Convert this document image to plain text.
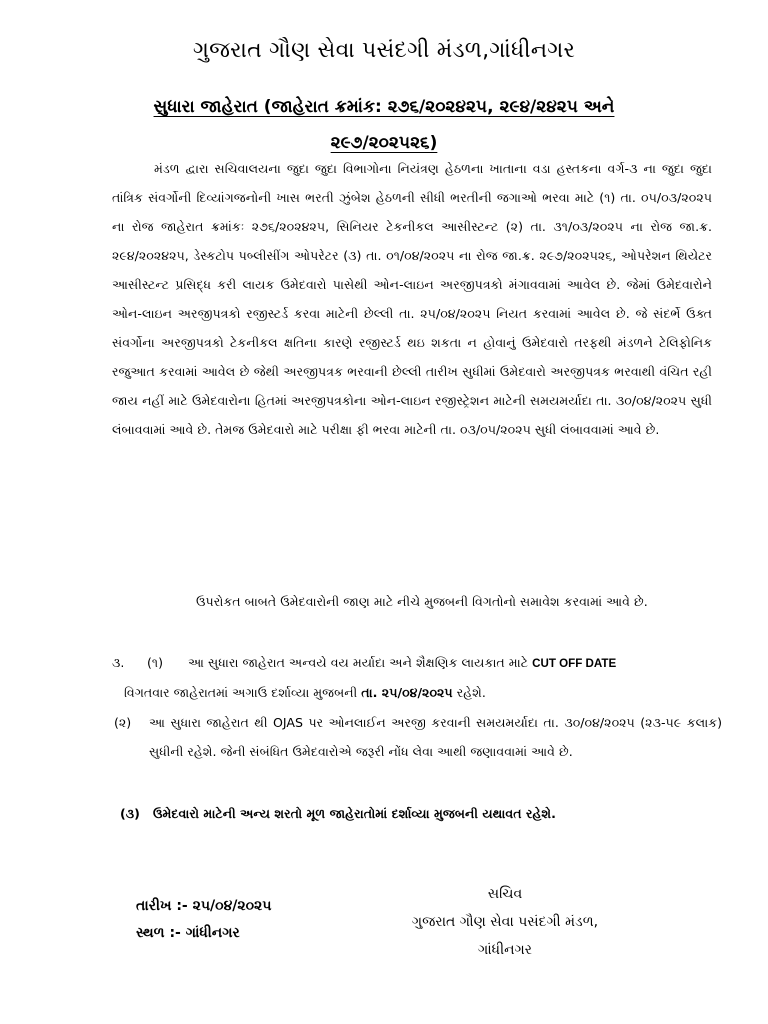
ગુજરાત ગૌણ સેવા પસંદગી મંડળ,ગાંધીનગર
સુધારા જાહેરાત (જાહેરાત ક્રમાંક: ૨૭૬/૨૦૨૪૨૫, ૨૯૪/૨૪૨૫ અને
૨૯૭/૨૦૨૫૨૬)
મંડળ દ્વારા સચિવાલયના જુદા જુદા વિભાગોના નિયંત્રણ હેઠળના ખાતાના વડા હસ્તકના વર્ગ-૩ ના જુદા જુદા તાંત્રિક સંવર્ગોની દિવ્યાંગજનોની ખાસ ભરતી ઝુંબેશ હેઠળની સીધી ભરતીની જગાઓ ભરવા માટે (૧) તા. ૦૫/૦૩/૨૦૨૫ ના રોજ જાહેરાત ક્રમાંકઃ ૨૭૬/૨૦૨૪૨૫, સિનિયર ટેકનીકલ આસીસ્ટન્ટ (૨) તા. ૩૧/૦૩/૨૦૨૫ ના રોજ જા.ક્ર. ૨૯૪/૨૦૨૪૨૫, ડેસ્કટોપ પબ્લીસીંગ ઓપરેટર (૩) તા. ૦૧/૦૪/૨૦૨૫ ના રોજ જા.ક્ર. ૨૯૭/૨૦૨૫૨૬, ઓપરેશન થિયેટર આસીસ્ટન્ટ પ્રસિદ્ધ કરી લાયક ઉમેદવારો પાસેથી ઓન-લાઇન અરજીપત્રકો મંગાવવામાં આવેલ છે. જેમાં ઉમેદવારોને ઓન-લાઇન અરજીપત્રકો રજીસ્ટર્ડ કરવા માટેની છેલ્લી તા. ૨૫/૦૪/૨૦૨૫ નિયત કરવામાં આવેલ છે. જે સંદર્ભે ઉક્ત સંવર્ગોના અરજીપત્રકો ટેકનીકલ ક્ષતિના કારણે રજીસ્ટર્ડ થઇ શકતા ન હોવાનું ઉમેદવારો તરફથી મંડળને ટેલિફોનિક રજુઆત કરવામાં આવેલ છે જેથી અરજીપત્રક ભરવાની છેલ્લી તારીખ સુધીમાં ઉમેદવારો અરજીપત્રક ભરવાથી વંચિત રહી જાય નહીં માટે ઉમેદવારોના હિતમાં અરજીપત્રકોના ઓન-લાઇન રજીસ્ટ્રેશન માટેની સમયમર્યાદા તા. ૩૦/૦૪/૨૦૨૫ સુધી લંબાવવામાં આવે છે. તેમજ ઉમેદવારો માટે પરીક્ષા ફી ભરવા માટેની તા. ૦૩/૦૫/૨૦૨૫ સુધી લંબાવવામાં આવે છે.
ઉપરોકત બાબતે ઉમેદવારોની જાણ માટે નીચે મુજબની વિગતોનો સમાવેશ કરવામાં આવે છે.
૩. (૧)	આ સુધારા જાહેરાત અન્વયે વય મર્યાદા અને શૈક્ષણિક લાયકાત માટે CUT OFF DATE
વિગતવાર જાહેરાતમાં અગાઉ દર્શાવ્યા મુજબની તા. ૨૫/૦૪/૨૦૨૫ રહેશે.
(૨)	આ સુધારા જાહેરાત થી OJAS પર ઓનલાઈન અરજી કરવાની સમયમર્યાદા તા. ૩૦/૦૪/૨૦૨૫ (૨૩-૫૯ કલાક) સુધીની રહેશે. જેની સંબંધિત ઉમેદવારોએ જરૂરી નોંધ લેવા આથી જણાવવામાં આવે છે.
(૩)	ઉમેદવારો માટેની અન્ય શરતો મૂળ જાહેરાતોમાં દર્શાવ્યા મુજબની યથાવત રહેશે.
તારીખ :- ૨૫/૦૪/૨૦૨૫
સ્થળ :- ગાંધીનગર
સચિવ
ગુજરાત ગૌણ સેવા પસંદગી મંડળ,
ગાંધીનગર
